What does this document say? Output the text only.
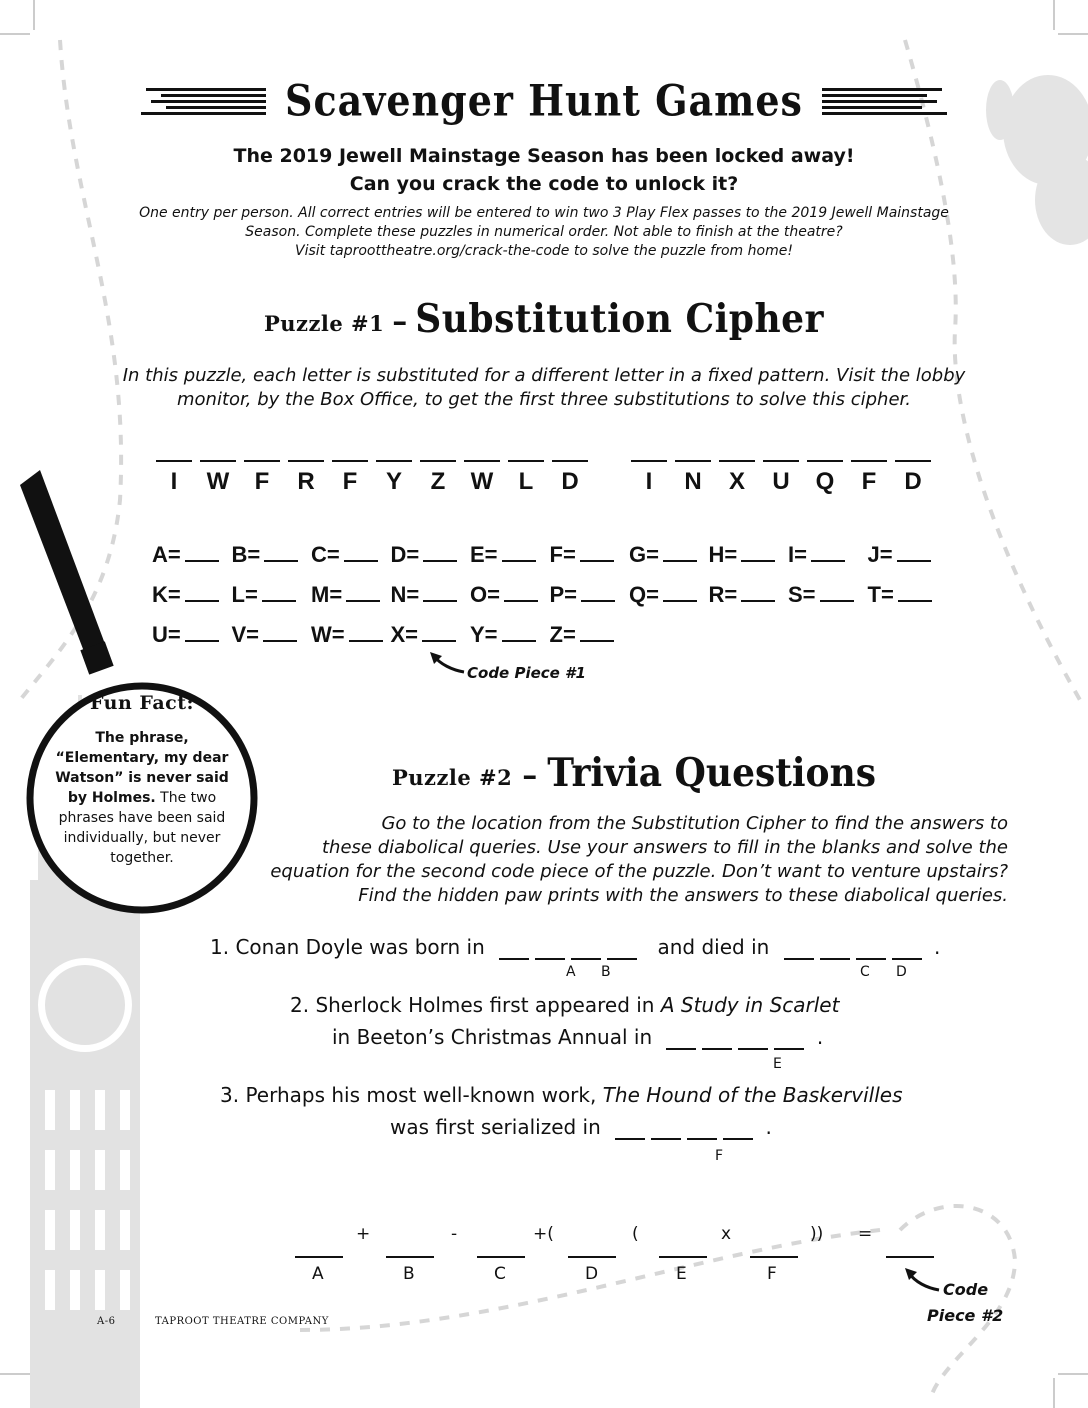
Scavenger Hunt Games
The 2019 Jewell Mainstage Season has been locked away!
Can you crack the code to unlock it?
One entry per person. All correct entries will be entered to win two 3 Play Flex passes to the 2019 Jewell Mainstage
Season. Complete these puzzles in numerical order. Not able to finish at the theatre?
Visit taproottheatre.org/crack-the-code to solve the puzzle from home!
Puzzle #1 – Substitution Cipher
In this puzzle, each letter is substituted for a different letter in a fixed pattern. Visit the lobby
monitor, by the Box Office, to get the first three substitutions to solve this cipher.
I	W	F	R	F	Y	Z	W	L	D	I	N	X	U	Q	F	D
A=	B=	C=	D=	E=	F=	G=	H=	I=	J=
K=	L=	M=	N=	O=	P=	Q=	R=	S=	T=
U=	V=	W=	X=	Y=	Z=
Code Piece #1
Fun Fact:
The phrase,
“Elementary, my dear
Watson” is never said
by Holmes. The two
phrases have been said
individually, but never
together.
Puzzle #2 – Trivia Questions
Go to the location from the Substitution Cipher to find the answers to
these diabolical queries. Use your answers to fill in the blanks and solve the
equation for the second code piece of the puzzle. Don’t want to venture upstairs?
Find the hidden paw prints with the answers to these diabolical queries.
1. Conan Doyle was born in	and died in	.
A B	C D
2. Sherlock Holmes first appeared in A Study in Scarlet
in Beeton’s Christmas Annual in	.
E
3. Perhaps his most well-known work, The Hound of the Baskervilles
was first serialized in	.
F
+	-	+(	(	x	)) =
A	B	C	D	E	F
Code
Piece #2
A-6	TAPROOT THEATRE COMPANY
